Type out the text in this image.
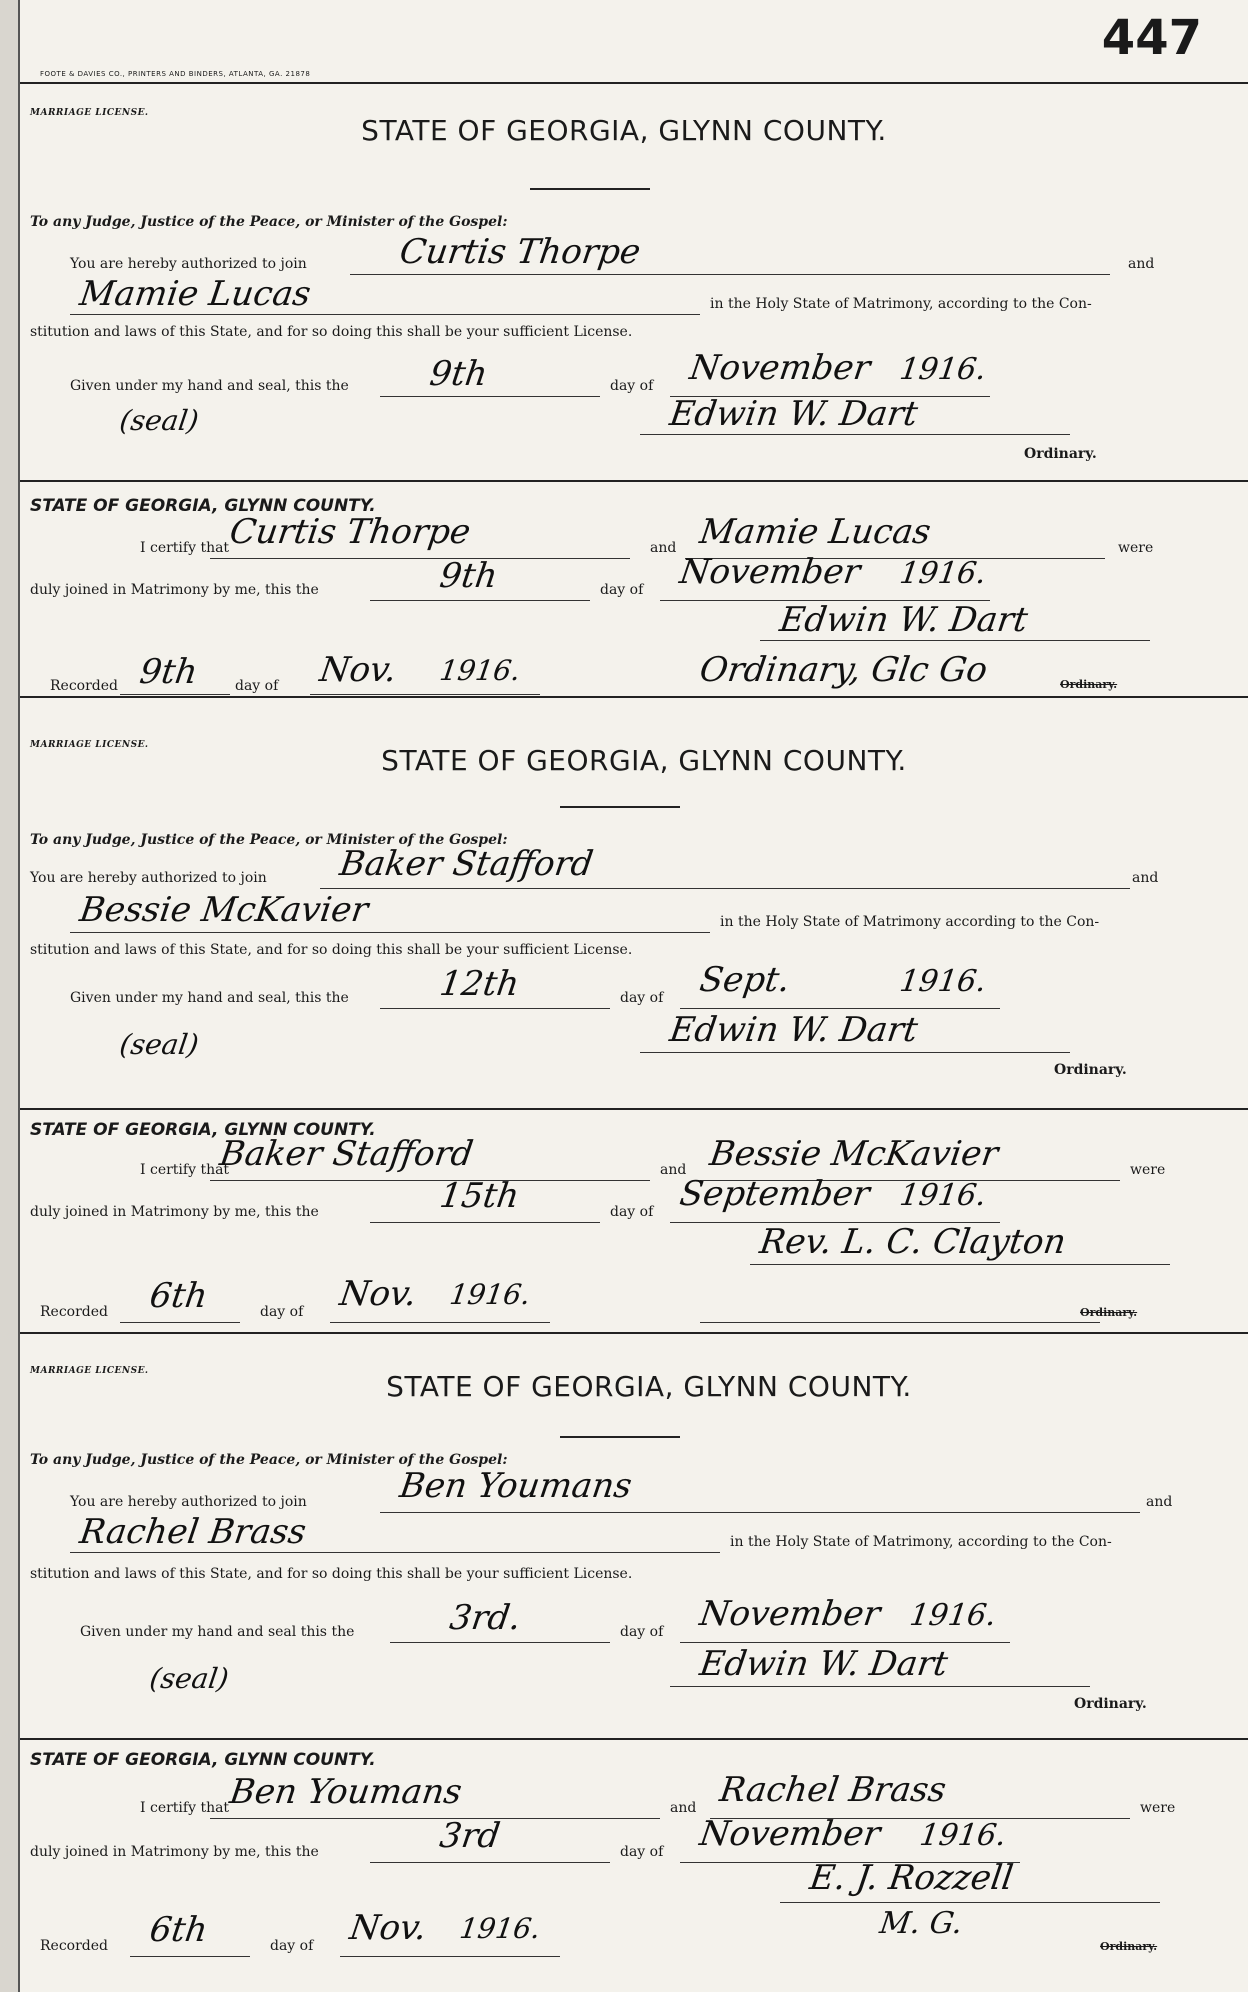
447
FOOTE & DAVIES CO., PRINTERS AND BINDERS, ATLANTA, GA. 21878
MARRIAGE LICENSE.
STATE OF GEORGIA, GLYNN COUNTY.
To any Judge, Justice of the Peace, or Minister of the Gospel:
You are hereby authorized to join	Curtis Thorpe	and
Mamie Lucas	in the Holy State of Matrimony, according to the Con-
stitution and laws of this State, and for so doing this shall be your sufficient License.
Given under my hand and seal, this the 9th	day of November 1916.
(seal)	Edwin W. Dart
Ordinary.
STATE OF GEORGIA, GLYNN COUNTY.
I certify that
Curtis Thorpe	and Mamie Lucas	were
duly joined in Matrimony by me, this the	9th	day of November 1916.
Edwin W. Dart
Recorded 9th day of Nov. 1916.	Ordinary, Glc Go	Ordinary.
MARRIAGE LICENSE.	STATE OF GEORGIA, GLYNN COUNTY.
To any Judge, Justice of the Peace, or Minister of the Gospel:
You are hereby authorized to join Baker Stafford	and
Bessie McKavier	in the Holy State of Matrimony according to the Con-
stitution and laws of this State, and for so doing this shall be your sufficient License.
Given under my hand and seal, this the	12th	day of Sept.	1916.
(seal)	Edwin W. Dart
Ordinary.
STATE OF GEORGIA, GLYNN COUNTY.
I certify that
Baker Stafford	and Bessie McKavier	were
duly joined in Matrimony by me, this the	15th	day of September 1916.
Rev. L. C. Clayton
Recorded 6th	day of Nov. 1916.
Ordinary.
MARRIAGE LICENSE.	STATE OF GEORGIA, GLYNN COUNTY.
To any Judge, Justice of the Peace, or Minister of the Gospel:
You are hereby authorized to join	Ben Youmans	and
Rachel Brass	in the Holy State of Matrimony, according to the Con-
stitution and laws of this State, and for so doing this shall be your sufficient License.
Given under my hand and seal this the	3rd.	day of November 1916.
(seal)	Edwin W. Dart
Ordinary.
STATE OF GEORGIA, GLYNN COUNTY.
I certify that
Ben Youmans	and Rachel Brass	were
duly joined in Matrimony by me, this the	3rd	day of November 1916.
E. J. Rozzell
M. G.
Recorded 6th	day of Nov. 1916.
Ordinary.
